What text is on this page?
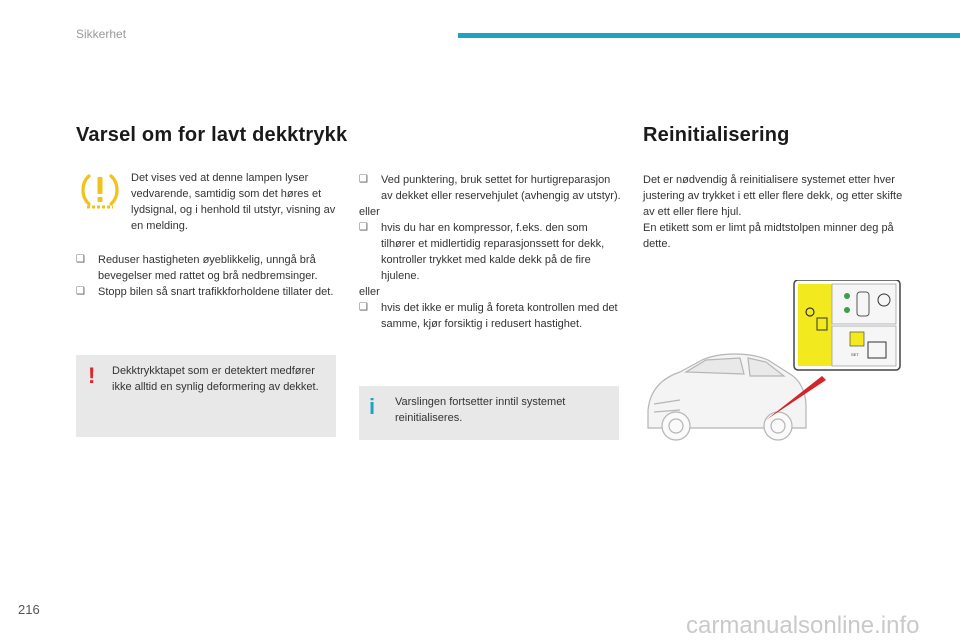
Sikkerhet
Varsel om for lavt dekktrykk
Det vises ved at denne lampen lyser vedvarende, samtidig som det høres et lydsignal, og i henhold til utstyr, visning av en melding.
❑	Reduser hastigheten øyeblikkelig, unngå brå bevegelser med rattet og brå nedbremsinger.
❑	Stopp bilen så snart trafikkforholdene tillater det.
! Dekktrykktapet som er detektert medfører ikke alltid en synlig deformering av dekket.
❑	Ved punktering, bruk settet for hurtigreparasjon av dekket eller reservehjulet (avhengig av utstyr).
eller
❑	hvis du har en kompressor, f.eks. den som tilhører et midlertidig reparasjonssett for dekk, kontroller trykket med kalde dekk på de fire hjulene.
eller
❑	hvis det ikke er mulig å foreta kontrollen med det samme, kjør forsiktig i redusert hastighet.
i Varslingen fortsetter inntil systemet reinitialiseres.
Reinitialisering
Det er nødvendig å reinitialisere systemet etter hver justering av trykket i ett eller flere dekk, og etter skifte av ett eller flere hjul.
En etikett som er limt på midtstolpen minner deg på dette.
SET
216
carmanualsonline.info
